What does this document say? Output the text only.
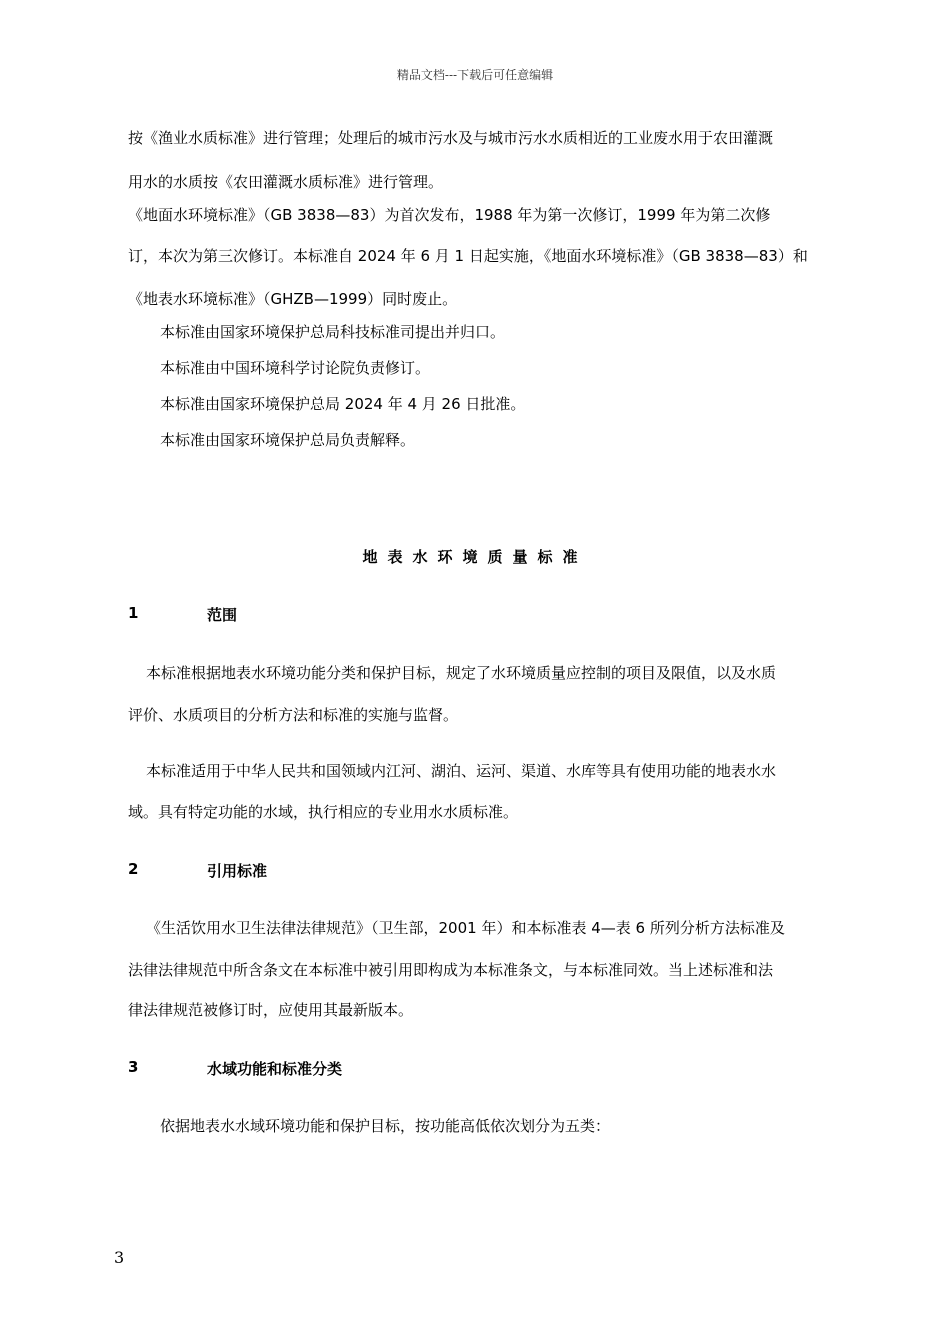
精品文档---下载后可任意编辑
按《渔业水质标准》进行管理；处理后的城市污水及与城市污水水质相近的工业废水用于农田灌溉
用水的水质按《农田灌溉水质标准》进行管理。
《地面水环境标准》（GB 3838—83）为首次发布，1988 年为第一次修订，1999 年为第二次修
订，本次为第三次修订。本标准自 2024 年 6 月 1 日起实施，《地面水环境标准》（GB 3838—83）和
《地表水环境标准》（GHZB—1999）同时废止。
本标准由国家环境保护总局科技标准司提出并归口。
本标准由中国环境科学讨论院负责修订。
本标准由国家环境保护总局 2024 年 4 月 26 日批准。
本标准由国家环境保护总局负责解释。
地表水环境质量标准
1	范围
本标准根据地表水环境功能分类和保护目标，规定了水环境质量应控制的项目及限值，以及水质
评价、水质项目的分析方法和标准的实施与监督。
本标准适用于中华人民共和国领域内江河、湖泊、运河、渠道、水库等具有使用功能的地表水水
域。具有特定功能的水域，执行相应的专业用水水质标准。
2	引用标准
《生活饮用水卫生法律法律规范》（卫生部，2001 年）和本标准表 4—表 6 所列分析方法标准及
法律法律规范中所含条文在本标准中被引用即构成为本标准条文，与本标准同效。当上述标准和法
律法律规范被修订时，应使用其最新版本。
3	水域功能和标准分类
依据地表水水域环境功能和保护目标，按功能高低依次划分为五类：
3
